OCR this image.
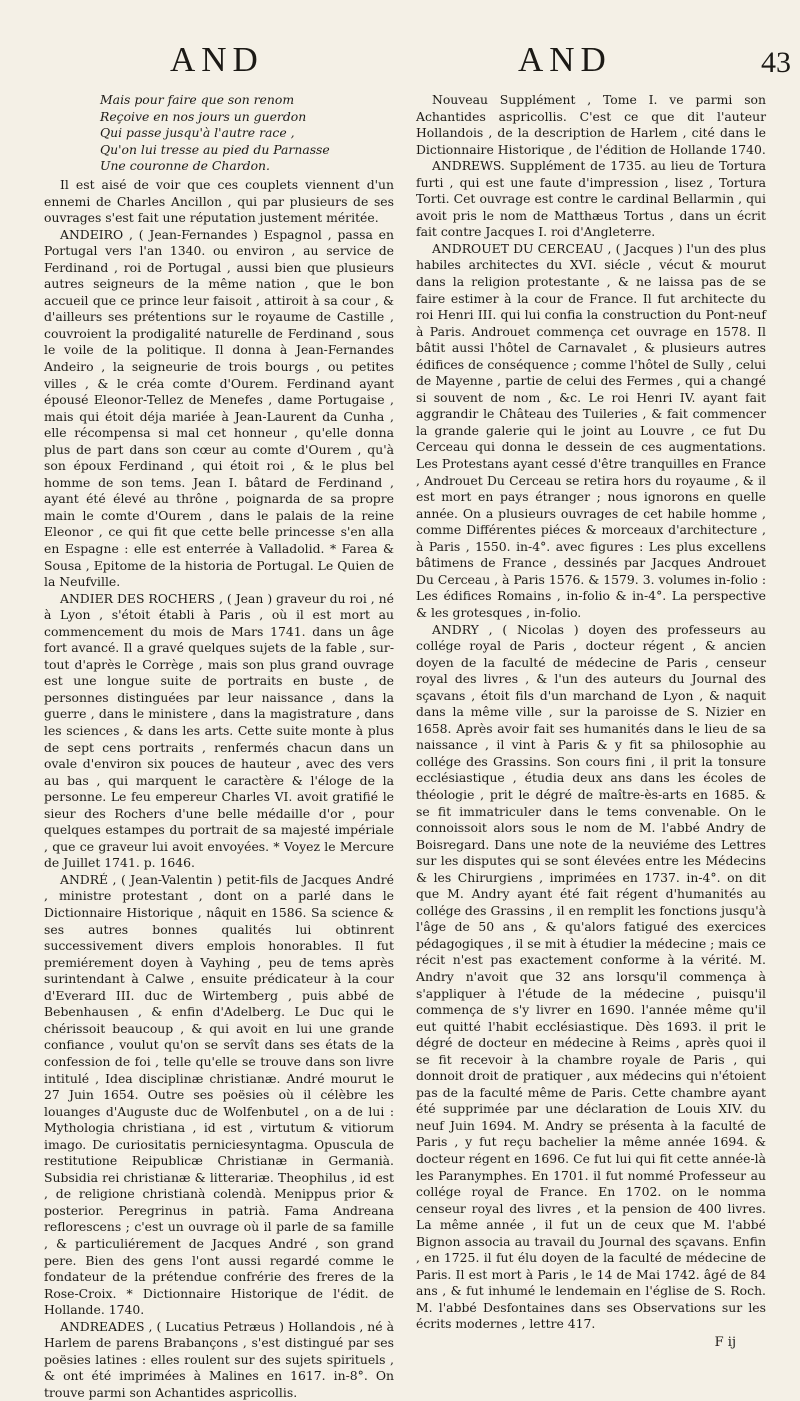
AND	AND	43
Mais pour faire que son renom
Reçoive en nos jours un guerdon
Qui passe jusqu'à l'autre race ,
Qu'on lui tresse au pied du Parnasse
Une couronne de Chardon.

Il est aisé de voir que ces couplets viennent d'un ennemi de Charles Ancillon , qui par plusieurs de ses ouvrages s'est fait une réputation justement méritée.

ANDEIRO , ( Jean-Fernandes ) Espagnol , passa en Portugal vers l'an 1340. ou environ , au service de Ferdinand , roi de Portugal , aussi bien que plusieurs autres seigneurs de la même nation , que le bon accueil que ce prince leur faisoit , attiroit à sa cour , & d'ailleurs ses prétentions sur le royaume de Castille , couvroient la prodigalité naturelle de Ferdinand , sous le voile de la politique. Il donna à Jean-Fernandes Andeiro , la seigneurie de trois bourgs , ou petites villes , & le créa comte d'Ourem. Ferdinand ayant épousé Eleonor-Tellez de Menefes , dame Portugaise , mais qui étoit déja mariée à Jean-Laurent da Cunha , elle récompensa si mal cet honneur , qu'elle donna plus de part dans son cœur au comte d'Ourem , qu'à son époux Ferdinand , qui étoit roi , & le plus bel homme de son tems. Jean I. bâtard de Ferdinand , ayant été élevé au thrône , poignarda de sa propre main le comte d'Ourem , dans le palais de la reine Eleonor , ce qui fit que cette belle princesse s'en alla en Espagne : elle est enterrée à Valladolid. * Farea & Sousa , Epitome de la historia de Portugal. Le Quien de la Neufville.

ANDIER DES ROCHERS , ( Jean ) graveur du roi , né à Lyon , s'étoit établi à Paris , où il est mort au commencement du mois de Mars 1741. dans un âge fort avancé. Il a gravé quelques sujets de la fable , sur-tout d'après le Corrège , mais son plus grand ouvrage est une longue suite de portraits en buste , de personnes distinguées par leur naissance , dans la guerre , dans le ministere , dans la magistrature , dans les sciences , & dans les arts. Cette suite monte à plus de sept cens portraits , renfermés chacun dans un ovale d'environ six pouces de hauteur , avec des vers au bas , qui marquent le caractère & l'éloge de la personne. Le feu empereur Charles VI. avoit gratifié le sieur des Rochers d'une belle médaille d'or , pour quelques estampes du portrait de sa majesté impériale , que ce graveur lui avoit envoyées. * Voyez le Mercure de Juillet 1741. p. 1646.

ANDRÉ , ( Jean-Valentin ) petit-fils de Jacques André , ministre protestant , dont on a parlé dans le Dictionnaire Historique , nâquit en 1586. Sa science & ses autres bonnes qualités lui obtinrent successivement divers emplois honorables. Il fut premiérement doyen à Vayhing , peu de tems après surintendant à Calwe , ensuite prédicateur à la cour d'Everard III. duc de Wirtemberg , puis abbé de Bebenhausen , & enfin d'Adelberg. Le Duc qui le chérissoit beaucoup , & qui avoit en lui une grande confiance , voulut qu'on se servît dans ses états de la confession de foi , telle qu'elle se trouve dans son livre intitulé , Idea disciplinæ christianæ. André mourut le 27 Juin 1654. Outre ses poësies où il célèbre les louanges d'Auguste duc de Wolfenbutel , on a de lui : Mythologia christiana , id est , virtutum & vitiorum imago. De curiositatis perniciesyntagma. Opuscula de restitutione Reipublicæ Christianæ in Germanià. Subsidia rei christianæ & litterariæ. Theophilus , id est , de religione christianà colendà. Menippus prior & posterior. Peregrinus in patrià. Fama Andreana reflorescens ; c'est un ouvrage où il parle de sa famille , & particuliérement de Jacques André , son grand pere. Bien des gens l'ont aussi regardé comme le fondateur de la prétendue confrérie des freres de la Rose-Croix. * Dictionnaire Historique de l'édit. de Hollande. 1740.

ANDREADES , ( Lucatius Petræus ) Hollandois , né à Harlem de parens Brabançons , s'est distingué par ses poësies latines : elles roulent sur des sujets spirituels , & ont été imprimées à Malines en 1617. in-8°. On trouve parmi son Achantides aspricollis.

Nouveau Supplément , Tome I. ve parmi son Achantides aspricollis. C'est ce que dit l'auteur Hollandois , de la description de Harlem , cité dans le Dictionnaire Historique , de l'édition de Hollande 1740.

ANDREWS. Supplément de 1735. au lieu de Tortura furti , qui est une faute d'impression , lisez , Tortura Torti. Cet ouvrage est contre le cardinal Bellarmin , qui avoit pris le nom de Matthæus Tortus , dans un écrit fait contre Jacques I. roi d'Angleterre.

ANDROUET DU CERCEAU , ( Jacques ) l'un des plus habiles architectes du XVI. siécle , vécut & mourut dans la religion protestante , & ne laissa pas de se faire estimer à la cour de France. Il fut architecte du roi Henri III. qui lui confia la construction du Pont-neuf à Paris. Androuet commença cet ouvrage en 1578. Il bâtit aussi l'hôtel de Carnavalet , & plusieurs autres édifices de conséquence ; comme l'hôtel de Sully , celui de Mayenne , partie de celui des Fermes , qui a changé si souvent de nom , &c. Le roi Henri IV. ayant fait aggrandir le Château des Tuileries , & fait commencer la grande galerie qui le joint au Louvre , ce fut Du Cerceau qui donna le dessein de ces augmentations. Les Protestans ayant cessé d'être tranquilles en France , Androuet Du Cerceau se retira hors du royaume , & il est mort en pays étranger ; nous ignorons en quelle année. On a plusieurs ouvrages de cet habile homme , comme Différentes piéces & morceaux d'architecture , à Paris , 1550. in-4°. avec figures : Les plus excellens bâtimens de France , dessinés par Jacques Androuet Du Cerceau , à Paris 1576. & 1579. 3. volumes in-folio : Les édifices Romains , in-folio & in-4°. La perspective & les grotesques , in-folio.

ANDRY , ( Nicolas ) doyen des professeurs au collége royal de Paris , docteur régent , & ancien doyen de la faculté de médecine de Paris , censeur royal des livres , & l'un des auteurs du Journal des sçavans , étoit fils d'un marchand de Lyon , & naquit dans la même ville , sur la paroisse de S. Nizier en 1658. Après avoir fait ses humanités dans le lieu de sa naissance , il vint à Paris & y fit sa philosophie au collége des Grassins. Son cours fini , il prit la tonsure ecclésiastique , étudia deux ans dans les écoles de théologie , prit le dégré de maître-ès-arts en 1685. & se fit immatriculer dans le tems convenable. On le connoissoit alors sous le nom de M. l'abbé Andry de Boisregard. Dans une note de la neuviéme des Lettres sur les disputes qui se sont élevées entre les Médecins & les Chirurgiens , imprimées en 1737. in-4°. on dit que M. Andry ayant été fait régent d'humanités au collége des Grassins , il en remplit les fonctions jusqu'à l'âge de 50 ans , & qu'alors fatigué des exercices pédagogiques , il se mit à étudier la médecine ; mais ce récit n'est pas exactement conforme à la vérité. M. Andry n'avoit que 32 ans lorsqu'il commença à s'appliquer à l'étude de la médecine , puisqu'il commença de s'y livrer en 1690. l'année même qu'il eut quitté l'habit ecclésiastique. Dès 1693. il prit le dégré de docteur en médecine à Reims , après quoi il se fit recevoir à la chambre royale de Paris , qui donnoit droit de pratiquer , aux médecins qui n'étoient pas de la faculté même de Paris. Cette chambre ayant été supprimée par une déclaration de Louis XIV. du neuf Juin 1694. M. Andry se présenta à la faculté de Paris , y fut reçu bachelier la même année 1694. & docteur régent en 1696. Ce fut lui qui fit cette année-là les Paranymphes. En 1701. il fut nommé Professeur au collége royal de France. En 1702. on le nomma censeur royal des livres , et la pension de 400 livres. La même année , il fut un de ceux que M. l'abbé Bignon associa au travail du Journal des sçavans. Enfin , en 1725. il fut élu doyen de la faculté de médecine de Paris. Il est mort à Paris , le 14 de Mai 1742. âgé de 84 ans , & fut inhumé le lendemain en l'église de S. Roch. M. l'abbé Desfontaines dans ses Observations sur les écrits modernes , lettre 417.

F ij
